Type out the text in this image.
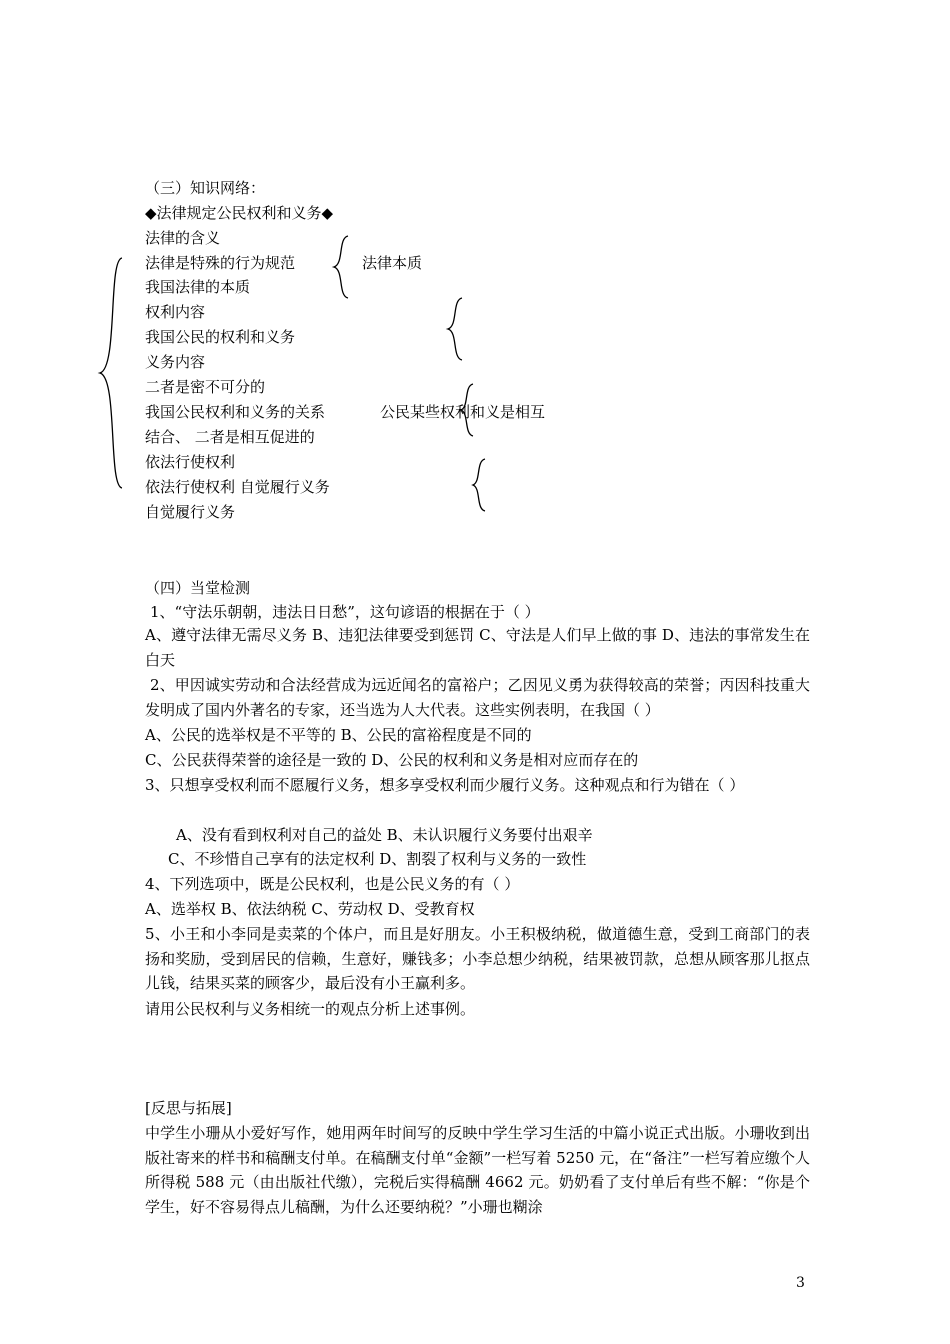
（三）知识网络：
◆法律规定公民权利和义务◆
法律的含义
法律是特殊的行为规范
我国法律的本质
权利内容
我国公民的权利和义务
义务内容
二者是密不可分的
我国公民权利和义务的关系
结合、 二者是相互促进的
依法行使权利
依法行使权利 自觉履行义务
自觉履行义务
法律本质
公民某些权利和义是相互
（四）当堂检测
1、“守法乐朝朝，违法日日愁”，这句谚语的根据在于（ ）
A、遵守法律无需尽义务 B、违犯法律要受到惩罚 C、守法是人们早上做的事 D、违法的事常发生在白天
2、甲因诚实劳动和合法经营成为远近闻名的富裕户；乙因见义勇为获得较高的荣誉；丙因科技重大发明成了国内外著名的专家，还当选为人大代表。这些实例表明，在我国（ ）
A、公民的选举权是不平等的 B、公民的富裕程度是不同的
C、公民获得荣誉的途径是一致的 D、公民的权利和义务是相对应而存在的
3、只想享受权利而不愿履行义务，想多享受权利而少履行义务。这种观点和行为错在（ ）
A、没有看到权利对自己的益处 B、未认识履行义务要付出艰辛
C、不珍惜自己享有的法定权利 D、割裂了权利与义务的一致性
4、下列选项中，既是公民权利，也是公民义务的有（ ）
A、选举权 B、依法纳税 C、劳动权 D、受教育权
5、小王和小李同是卖菜的个体户，而且是好朋友。小王积极纳税，做道德生意，受到工商部门的表扬和奖励，受到居民的信赖，生意好，赚钱多；小李总想少纳税，结果被罚款，总想从顾客那儿抠点儿钱，结果买菜的顾客少，最后没有小王赢利多。
请用公民权利与义务相统一的观点分析上述事例。
[反思与拓展]
中学生小珊从小爱好写作，她用两年时间写的反映中学生学习生活的中篇小说正式出版。小珊收到出版社寄来的样书和稿酬支付单。在稿酬支付单“金额”一栏写着 5250 元，在“备注”一栏写着应缴个人所得税 588 元（由出版社代缴），完税后实得稿酬 4662 元。奶奶看了支付单后有些不解：“你是个学生，好不容易得点儿稿酬，为什么还要纳税？”小珊也糊涂
3
